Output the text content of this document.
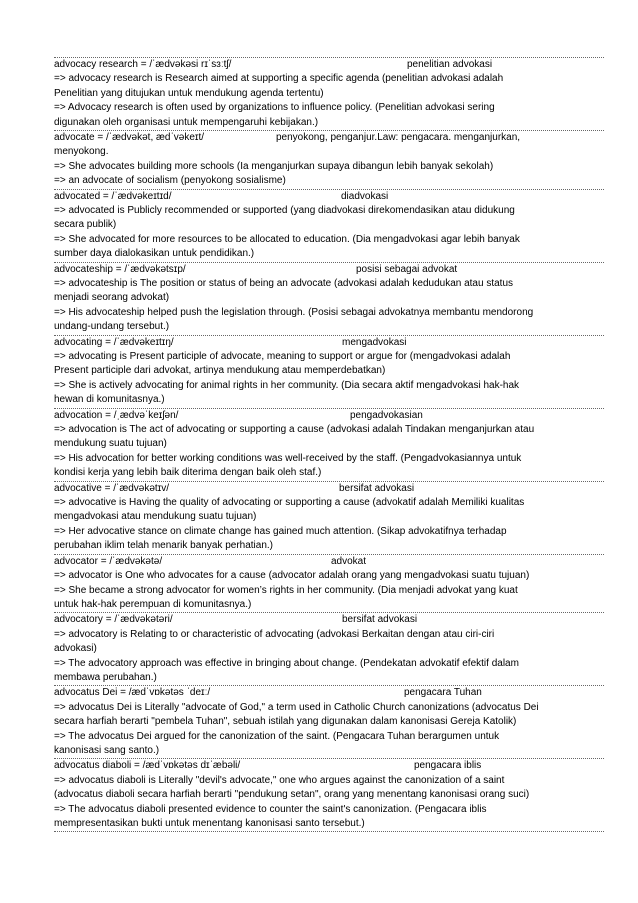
advocacy research = /ˈædvəkəsi rɪˈsɜːtʃ/	penelitian advokasi
=> advocacy research is Research aimed at supporting a specific agenda (penelitian advokasi adalah
Penelitian yang ditujukan untuk mendukung agenda tertentu)
=> Advocacy research is often used by organizations to influence policy. (Penelitian advokasi sering
digunakan oleh organisasi untuk mempengaruhi kebijakan.)
advocate = /ˈædvəkət, ædˈvəkeɪt/	penyokong, penganjur.Law: pengacara. menganjurkan,
menyokong.
=> She advocates building more schools (Ia menganjurkan supaya dibangun lebih banyak sekolah)
=> an advocate of socialism (penyokong sosialisme)
advocated = /ˈædvəkeɪtɪd/	diadvokasi
=> advocated is Publicly recommended or supported (yang diadvokasi direkomendasikan atau didukung
secara publik)
=> She advocated for more resources to be allocated to education. (Dia mengadvokasi agar lebih banyak
sumber daya dialokasikan untuk pendidikan.)
advocateship = /ˈædvəkətsɪp/	posisi sebagai advokat
=> advocateship is The position or status of being an advocate (advokasi adalah kedudukan atau status
menjadi seorang advokat)
=> His advocateship helped push the legislation through. (Posisi sebagai advokatnya membantu mendorong
undang-undang tersebut.)
advocating = /ˈædvəkeɪtɪŋ/	mengadvokasi
=> advocating is Present participle of advocate, meaning to support or argue for (mengadvokasi adalah
Present participle dari advokat, artinya mendukung atau memperdebatkan)
=> She is actively advocating for animal rights in her community. (Dia secara aktif mengadvokasi hak-hak
hewan di komunitasnya.)
advocation = /ˌædvəˈkeɪʃən/	pengadvokasian
=> advocation is The act of advocating or supporting a cause (advokasi adalah Tindakan menganjurkan atau
mendukung suatu tujuan)
=> His advocation for better working conditions was well-received by the staff. (Pengadvokasiannya untuk
kondisi kerja yang lebih baik diterima dengan baik oleh staf.)
advocative = /ˈædvəkətɪv/	bersifat advokasi
=> advocative is Having the quality of advocating or supporting a cause (advokatif adalah Memiliki kualitas
mengadvokasi atau mendukung suatu tujuan)
=> Her advocative stance on climate change has gained much attention. (Sikap advokatifnya terhadap
perubahan iklim telah menarik banyak perhatian.)
advocator = /ˈædvəkətə/	advokat
=> advocator is One who advocates for a cause (advocator adalah orang yang mengadvokasi suatu tujuan)
=> She became a strong advocator for women’s rights in her community. (Dia menjadi advokat yang kuat
untuk hak-hak perempuan di komunitasnya.)
advocatory = /ˈædvəkətəri/	bersifat advokasi
=> advocatory is Relating to or characteristic of advocating (advokasi Berkaitan dengan atau ciri-ciri
advokasi)
=> The advocatory approach was effective in bringing about change. (Pendekatan advokatif efektif dalam
membawa perubahan.)
advocatus Dei = /ædˈvɒkətəs ˈdeɪː/	pengacara Tuhan
=> advocatus Dei is Literally "advocate of God," a term used in Catholic Church canonizations (advocatus Dei
secara harfiah berarti "pembela Tuhan", sebuah istilah yang digunakan dalam kanonisasi Gereja Katolik)
=> The advocatus Dei argued for the canonization of the saint. (Pengacara Tuhan berargumen untuk
kanonisasi sang santo.)
advocatus diaboli = /ædˈvɒkətəs dɪˈæbəli/	pengacara iblis
=> advocatus diaboli is Literally "devil's advocate," one who argues against the canonization of a saint
(advocatus diaboli secara harfiah berarti "pendukung setan", orang yang menentang kanonisasi orang suci)
=> The advocatus diaboli presented evidence to counter the saint's canonization. (Pengacara iblis
mempresentasikan bukti untuk menentang kanonisasi santo tersebut.)
